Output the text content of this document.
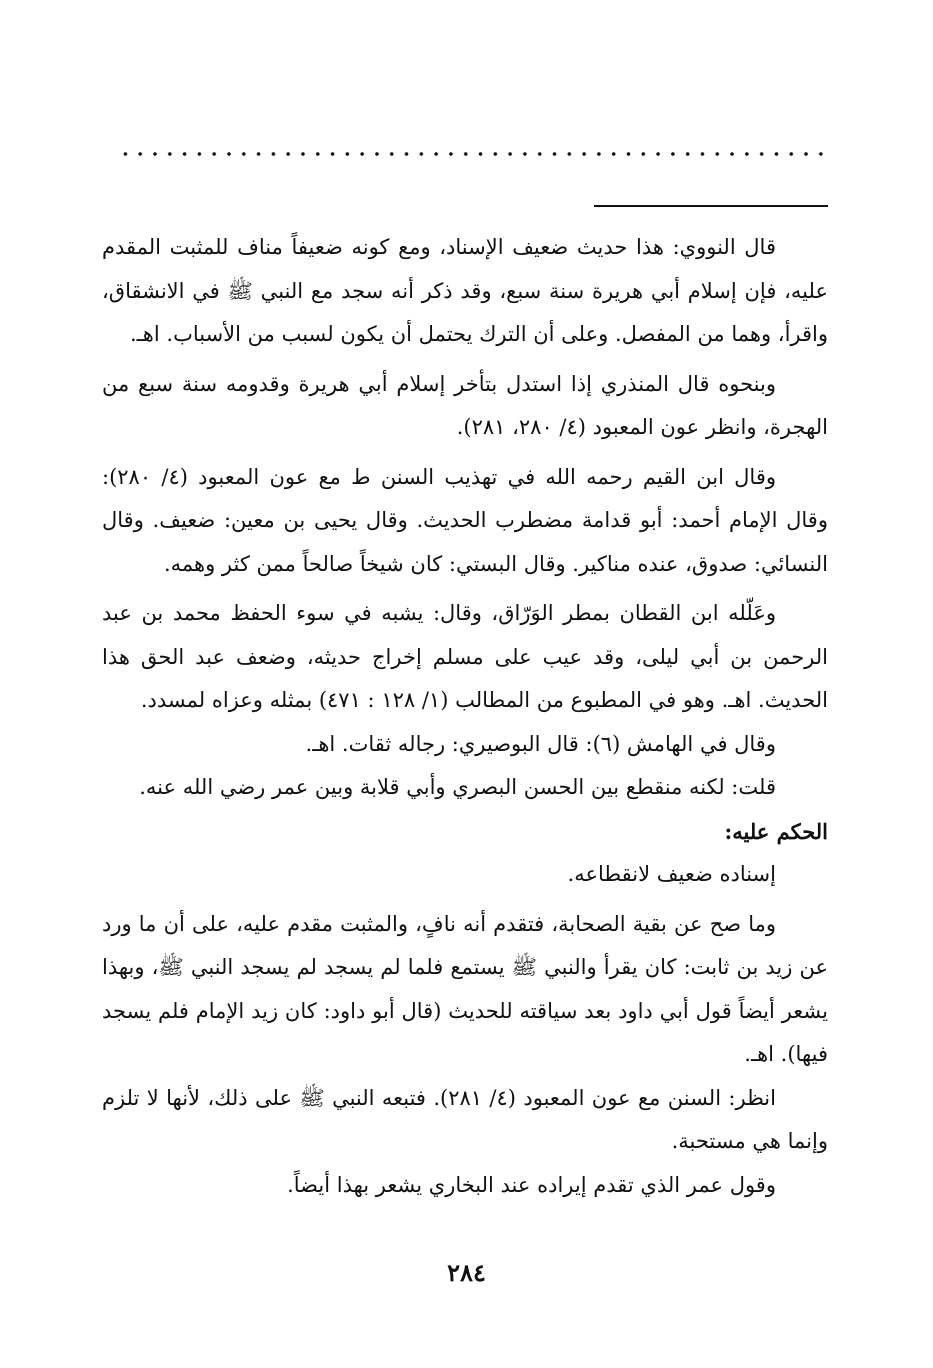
قال النووي: هذا حديث ضعيف الإسناد، ومع كونه ضعيفاً مناف للمثبت المقدم عليه، فإن إسلام أبي هريرة سنة سبع، وقد ذكر أنه سجد مع النبي ﷺ في الانشقاق، واقرأ، وهما من المفصل. وعلى أن الترك يحتمل أن يكون لسبب من الأسباب. اهـ.

وبنحوه قال المنذري إذا استدل بتأخر إسلام أبي هريرة وقدومه سنة سبع من الهجرة، وانظر عون المعبود (٤/ ٢٨٠، ٢٨١).

وقال ابن القيم رحمه الله في تهذيب السنن ط مع عون المعبود (٤/ ٢٨٠): وقال الإمام أحمد: أبو قدامة مضطرب الحديث. وقال يحيى بن معين: ضعيف. وقال النسائي: صدوق، عنده مناكير. وقال البستي: كان شيخاً صالحاً ممن كثر وهمه.

وعَلّله ابن القطان بمطر الوَرّاق، وقال: يشبه في سوء الحفظ محمد بن عبد الرحمن بن أبي ليلى، وقد عيب على مسلم إخراج حديثه، وضعف عبد الحق هذا الحديث. اهـ. وهو في المطبوع من المطالب (١/ ١٢٨ : ٤٧١) بمثله وعزاه لمسدد.

وقال في الهامش (٦): قال البوصيري: رجاله ثقات. اهـ.

قلت: لكنه منقطع بين الحسن البصري وأبي قلابة وبين عمر رضي الله عنه.

الحكم عليه:

إسناده ضعيف لانقطاعه.

وما صح عن بقية الصحابة، فتقدم أنه نافٍ، والمثبت مقدم عليه، على أن ما ورد عن زيد بن ثابت: كان يقرأ والنبي ﷺ يستمع فلما لم يسجد لم يسجد النبي ﷺ، وبهذا يشعر أيضاً قول أبي داود بعد سياقته للحديث (قال أبو داود: كان زيد الإمام فلم يسجد فيها). اهـ.

انظر: السنن مع عون المعبود (٤/ ٢٨١). فتبعه النبي ﷺ على ذلك، لأنها لا تلزم وإنما هي مستحبة.

وقول عمر الذي تقدم إيراده عند البخاري يشعر بهذا أيضاً.

٢٨٤
